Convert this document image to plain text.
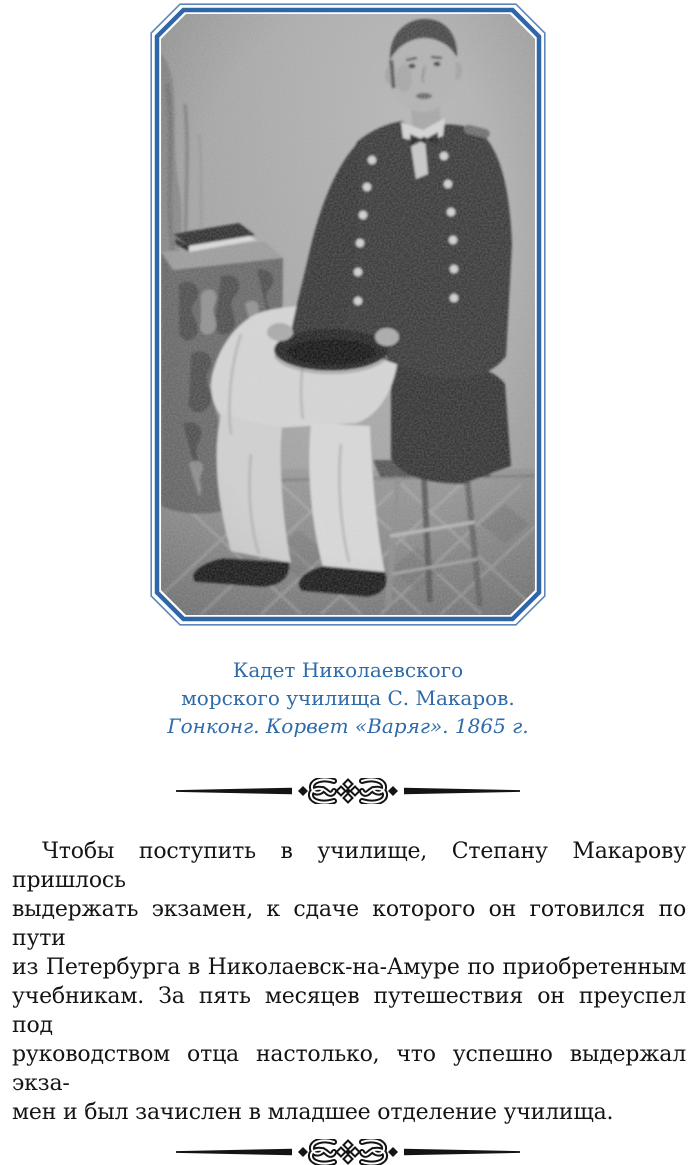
Кадет Николаевского
морского училища С. Макаров.
Гонконг. Корвет «Варяг». 1865 г.

Чтобы поступить в училище, Степану Макарову пришлось
выдержать экзамен, к сдаче которого он готовился по пути
из Петербурга в Николаевск-на-Амуре по приобретенным
учебникам. За пять месяцев путешествия он преуспел под
руководством отца настолько, что успешно выдержал экза-
мен и был зачислен в младшее отделение училища.
